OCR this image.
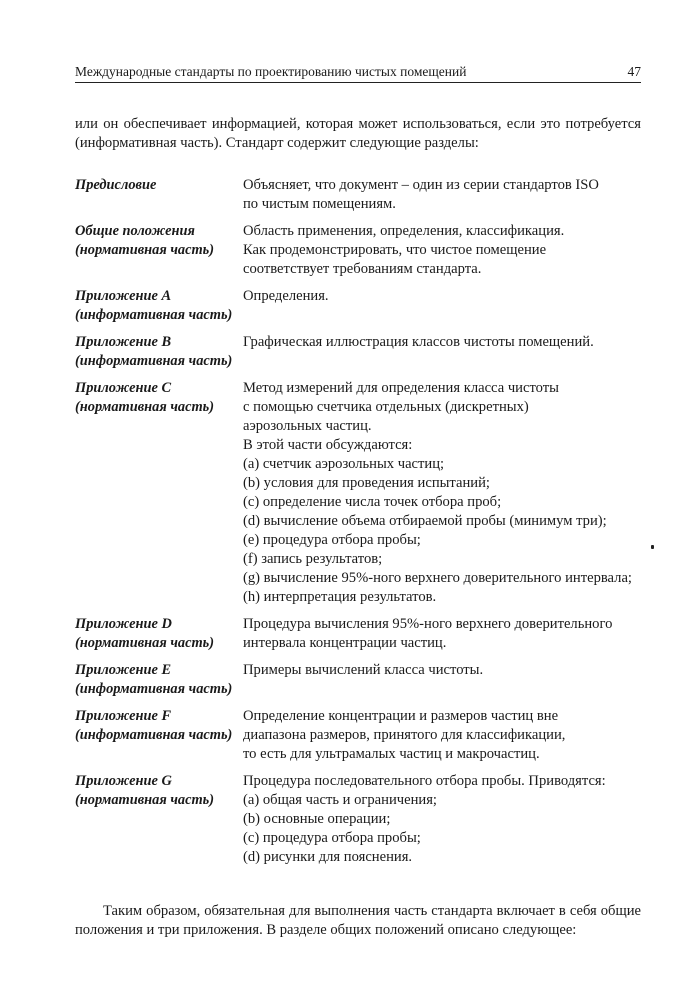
Международные стандарты по проектированию чистых помещений	47

или он обеспечивает информацией, которая может использоваться, если это потребуется (информативная часть). Стандарт содержит следующие разделы:

Предисловие	Объясняет, что документ – один из серии стандартов ISO
по чистым помещениям.
Общие положения
(нормативная часть)
Область применения, определения, классификация.
Как продемонстрировать, что чистое помещение
соответствует требованиям стандарта.
Приложение A
(информативная часть)
Определения.
Приложение B
(информативная часть)
Графическая иллюстрация классов чистоты помещений.
Приложение C
(нормативная часть)
Метод измерений для определения класса чистоты
с помощью счетчика отдельных (дискретных)
аэрозольных частиц.
В этой части обсуждаются:
(a) счетчик аэрозольных частиц;
(b) условия для проведения испытаний;
(c) определение числа точек отбора проб;
(d) вычисление объема отбираемой пробы (минимум три);
(e) процедура отбора пробы;
(f) запись результатов;
(g) вычисление 95%-ного верхнего доверительного интервала;
(h) интерпретация результатов.
Приложение D
(нормативная часть)
Процедура вычисления 95%-ного верхнего доверительного
интервала концентрации частиц.
Приложение E
(информативная часть)
Примеры вычислений класса чистоты.
Приложение F
(информативная часть)
Определение концентрации и размеров частиц вне
диапазона размеров, принятого для классификации,
то есть для ультрамалых частиц и макрочастиц.
Приложение G
(нормативная часть)
Процедура последовательного отбора пробы. Приводятся:
(a) общая часть и ограничения;
(b) основные операции;
(c) процедура отбора пробы;
(d) рисунки для пояснения.

Таким образом, обязательная для выполнения часть стандарта включает в себя общие положения и три приложения. В разделе общих положений описано следующее:
